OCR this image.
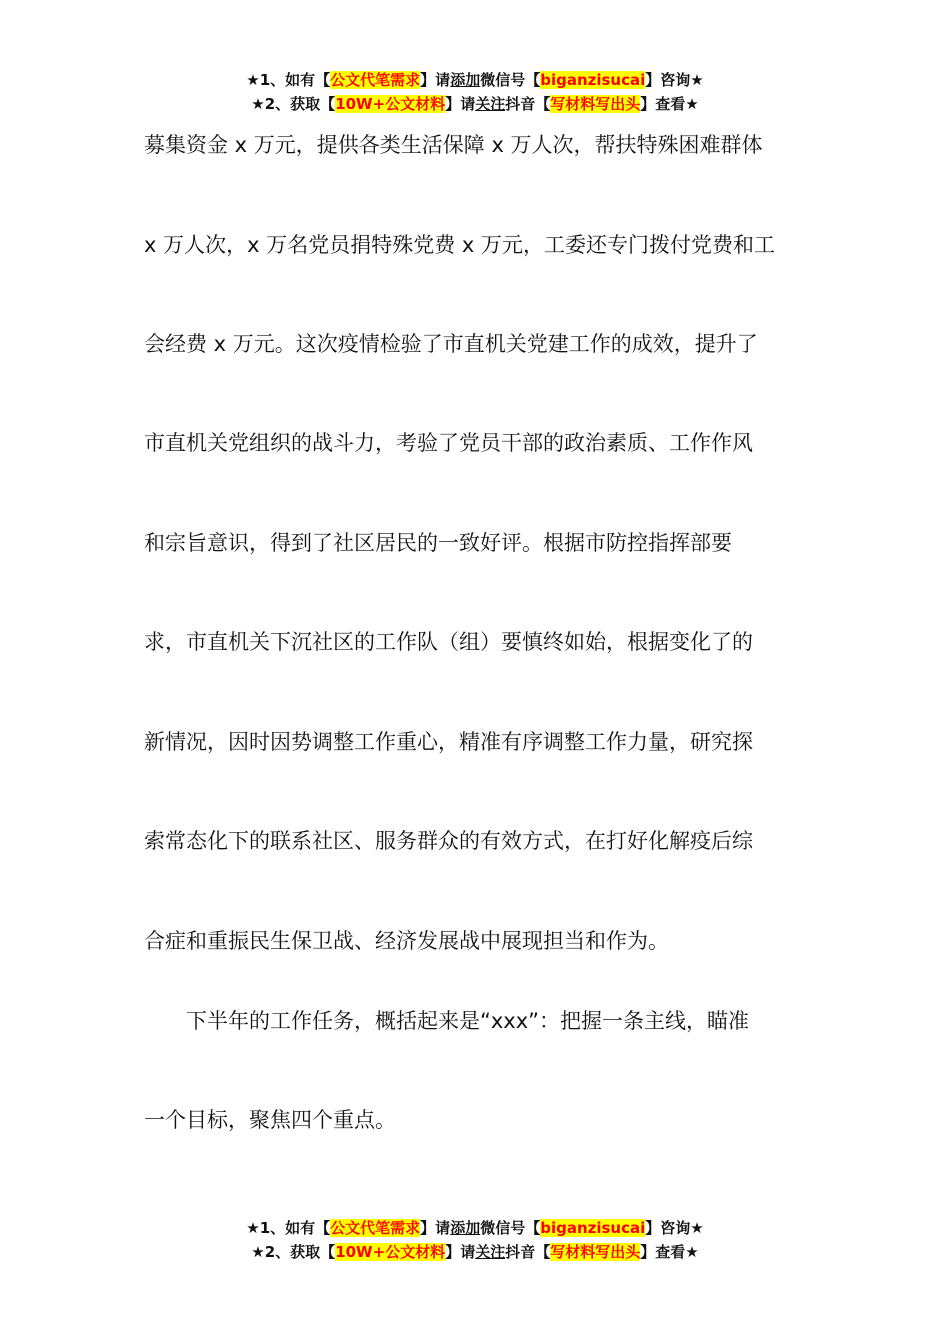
★1、如有【公文代笔需求】请添加微信号【biganzisucai】咨询★
★2、获取【10W+公文材料】请关注抖音【写材料写出头】查看★
募集资金 x 万元，提供各类生活保障 x 万人次，帮扶特殊困难群体
x 万人次，x 万名党员捐特殊党费 x 万元，工委还专门拨付党费和工
会经费 x 万元。这次疫情检验了市直机关党建工作的成效，提升了
市直机关党组织的战斗力，考验了党员干部的政治素质、工作作风
和宗旨意识，得到了社区居民的一致好评。根据市防控指挥部要
求，市直机关下沉社区的工作队（组）要慎终如始，根据变化了的
新情况，因时因势调整工作重心，精准有序调整工作力量，研究探
索常态化下的联系社区、服务群众的有效方式，在打好化解疫后综
合症和重振民生保卫战、经济发展战中展现担当和作为。
　　下半年的工作任务，概括起来是“xxx”：把握一条主线，瞄准
一个目标，聚焦四个重点。
★1、如有【公文代笔需求】请添加微信号【biganzisucai】咨询★
★2、获取【10W+公文材料】请关注抖音【写材料写出头】查看★
